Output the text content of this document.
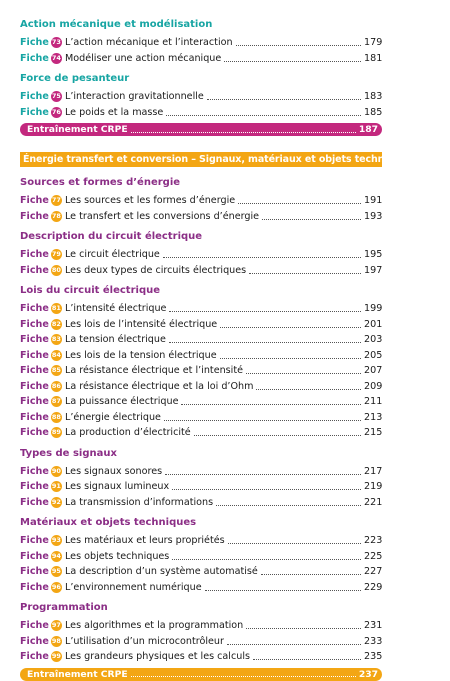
Action mécanique et modélisation
Fiche 73 L’action mécanique et l’interaction	179
Fiche 74 Modéliser une action mécanique	181
Force de pesanteur
Fiche 75 L’interaction gravitationnelle	183
Fiche 76 Le poids et la masse	185
Entraînement CRPE	187
Énergie transfert et conversion – Signaux, matériaux et objets techniques
Sources et formes d’énergie
Fiche 77 Les sources et les formes d’énergie	191
Fiche 78 Le transfert et les conversions d’énergie	193
Description du circuit électrique
Fiche 79 Le circuit électrique	195
Fiche 80 Les deux types de circuits électriques	197
Lois du circuit électrique
Fiche 81 L’intensité électrique	199
Fiche 82 Les lois de l’intensité électrique	201
Fiche 83 La tension électrique	203
Fiche 84 Les lois de la tension électrique	205
Fiche 85 La résistance électrique et l’intensité	207
Fiche 86 La résistance électrique et la loi d’Ohm	209
Fiche 87 La puissance électrique	211
Fiche 88 L’énergie électrique	213
Fiche 89 La production d’électricité	215
Types de signaux
Fiche 90 Les signaux sonores	217
Fiche 91 Les signaux lumineux	219
Fiche 92 La transmission d’informations	221
Matériaux et objets techniques
Fiche 93 Les matériaux et leurs propriétés	223
Fiche 94 Les objets techniques	225
Fiche 95 La description d’un système automatisé	227
Fiche 96 L’environnement numérique	229
Programmation
Fiche 97 Les algorithmes et la programmation	231
Fiche 98 L’utilisation d’un microcontrôleur	233
Fiche 99 Les grandeurs physiques et les calculs	235
Entraînement CRPE	237
